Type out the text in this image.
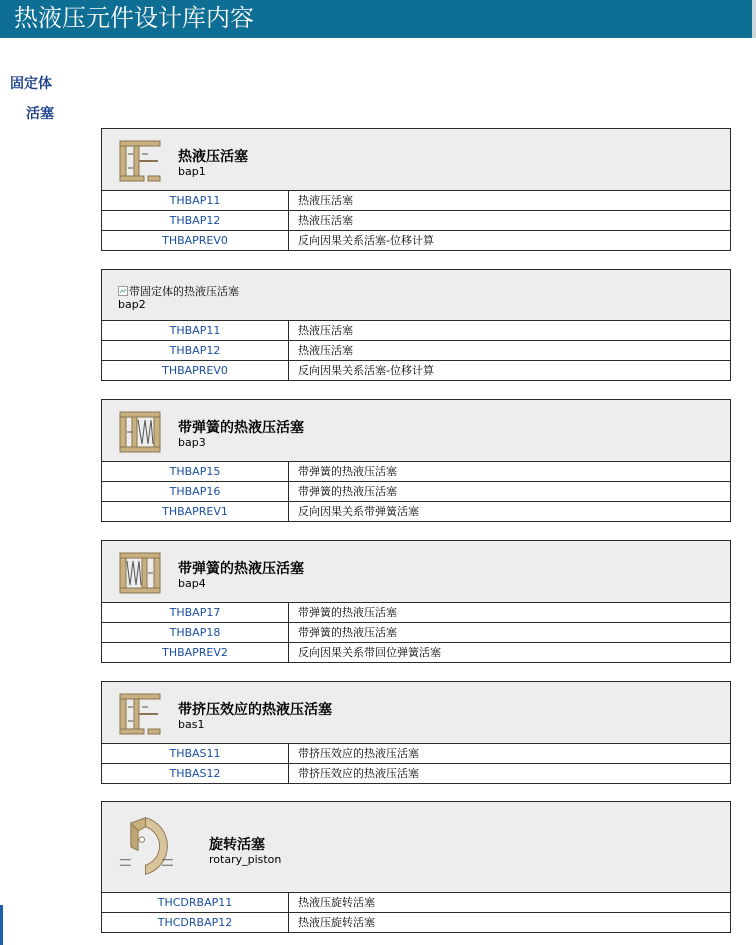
热液压元件设计库内容
固定体
活塞
热液压活塞
bap1
THBAP11	热液压活塞
THBAP12	热液压活塞
THBAPREV0	反向因果关系活塞-位移计算
带固定体的热液压活塞
bap2
THBAP11	热液压活塞
THBAP12	热液压活塞
THBAPREV0	反向因果关系活塞-位移计算
带弹簧的热液压活塞
bap3
THBAP15	带弹簧的热液压活塞
THBAP16	带弹簧的热液压活塞
THBAPREV1	反向因果关系带弹簧活塞
带弹簧的热液压活塞
bap4
THBAP17	带弹簧的热液压活塞
THBAP18	带弹簧的热液压活塞
THBAPREV2	反向因果关系带回位弹簧活塞
带挤压效应的热液压活塞
bas1
THBAS11	带挤压效应的热液压活塞
THBAS12	带挤压效应的热液压活塞
旋转活塞
rotary_piston
THCDRBAP11	热液压旋转活塞
THCDRBAP12	热液压旋转活塞
